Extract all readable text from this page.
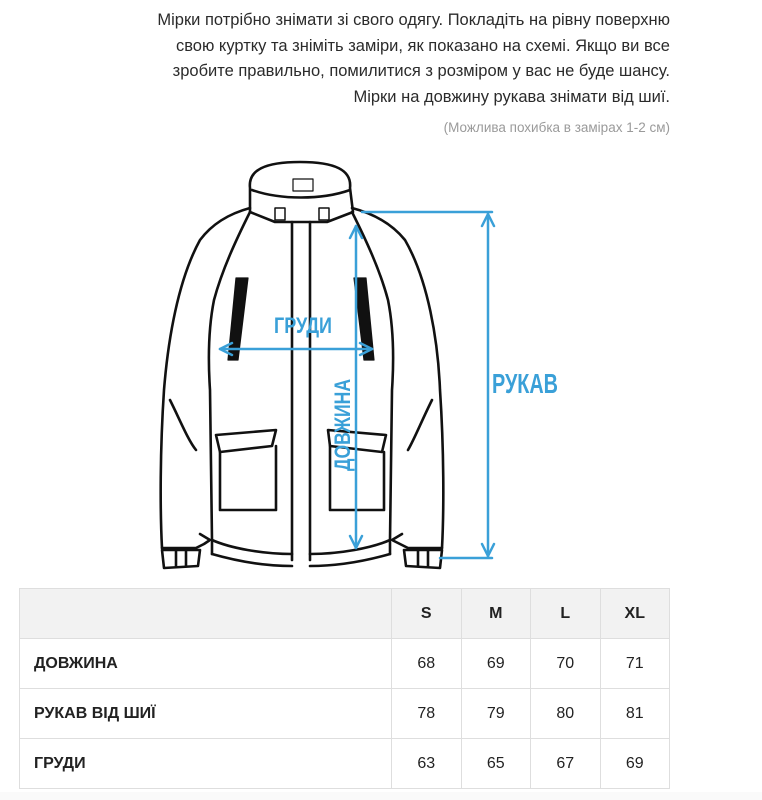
Мірки потрібно знімати зі свого одягу. Покладіть на рівну поверхню

свою куртку та зніміть заміри, як показано на схемі. Якщо ви все

зробите правильно, помилитися з розміром у вас не буде шансу.

Мірки на довжину рукава знімати від шиї.

(Можлива похибка в замірах 1-2 см)
ГРУДИ
ДОВЖИНА	РУКАВ
	S	M	L	XL
ДОВЖИНА	68	69	70	71
РУКАВ ВІД ШИЇ	78	79	80	81
ГРУДИ	63	65	67	69
